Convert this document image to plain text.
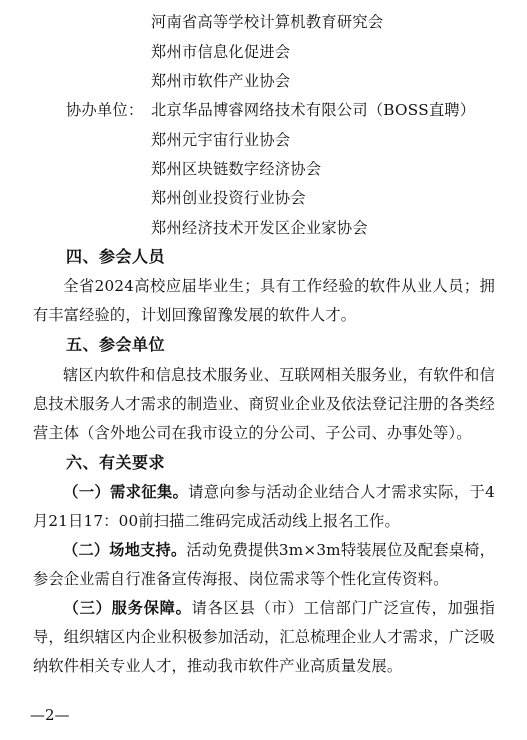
河南省高等学校计算机教育研究会
郑州市信息化促进会
郑州市软件产业协会
协办单位： 北京华品博睿网络技术有限公司（BOSS直聘）
郑州元宇宙行业协会
郑州区块链数字经济协会
郑州创业投资行业协会
郑州经济技术开发区企业家协会
四、参会人员
全省2024高校应届毕业生；具有工作经验的软件从业人员；拥有丰富经验的，计划回豫留豫发展的软件人才。
五、参会单位
辖区内软件和信息技术服务业、互联网相关服务业，有软件和信息技术服务人才需求的制造业、商贸业企业及依法登记注册的各类经营主体（含外地公司在我市设立的分公司、子公司、办事处等）。
六、有关要求
（一）需求征集。请意向参与活动企业结合人才需求实际，于4月21日17：00前扫描二维码完成活动线上报名工作。
（二）场地支持。活动免费提供3m×3m特装展位及配套桌椅，参会企业需自行准备宣传海报、岗位需求等个性化宣传资料。
（三）服务保障。请各区县（市）工信部门广泛宣传，加强指导，组织辖区内企业积极参加活动，汇总梳理企业人才需求，广泛吸纳软件相关专业人才，推动我市软件产业高质量发展。
—2—
